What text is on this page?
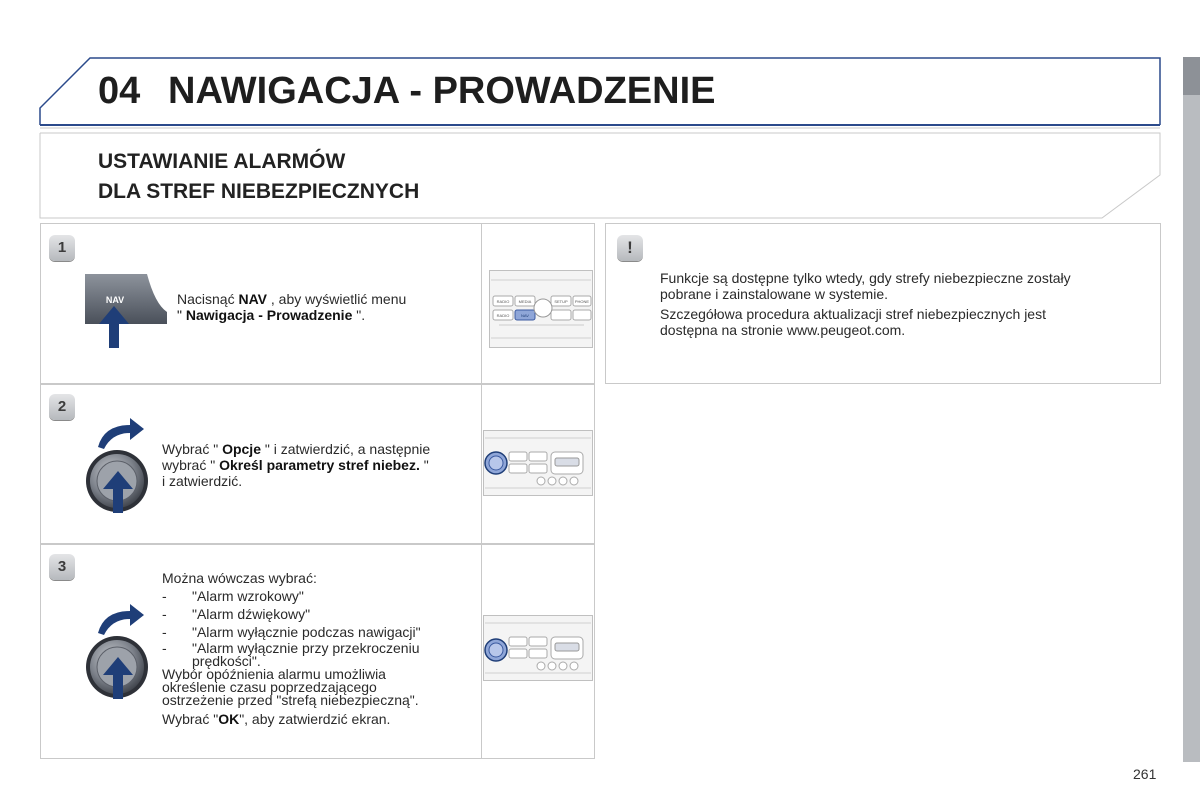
04 NAWIGACJA - PROWADZENIE
USTAWIANIE ALARMÓW
DLA STREF NIEBEZPIECZNYCH
1
NAV	Nacisnąć NAV , aby wyświetlić menu
" Nawigacja - Prowadzenie ".
RADIO MEDIA	SETUP PHONE
NAV
RADIO
2
Wybrać " Opcje " i zatwierdzić, a następnie
wybrać " Określ parametry stref niebez. "
i zatwierdzić.
3
Można wówczas wybrać:
- "Alarm wzrokowy"
- "Alarm dźwiękowy"
- "Alarm wyłącznie podczas nawigacji"
- "Alarm wyłącznie przy przekroczeniu
prędkości".
Wybór opóźnienia alarmu umożliwia
określenie czasu poprzedzającego
ostrzeżenie przed "strefą niebezpieczną".
Wybrać "OK", aby zatwierdzić ekran.
!
Funkcje są dostępne tylko wtedy, gdy strefy niebezpieczne zostały
pobrane i zainstalowane w systemie.
Szczegółowa procedura aktualizacji stref niebezpiecznych jest
dostępna na stronie www.peugeot.com.
261
